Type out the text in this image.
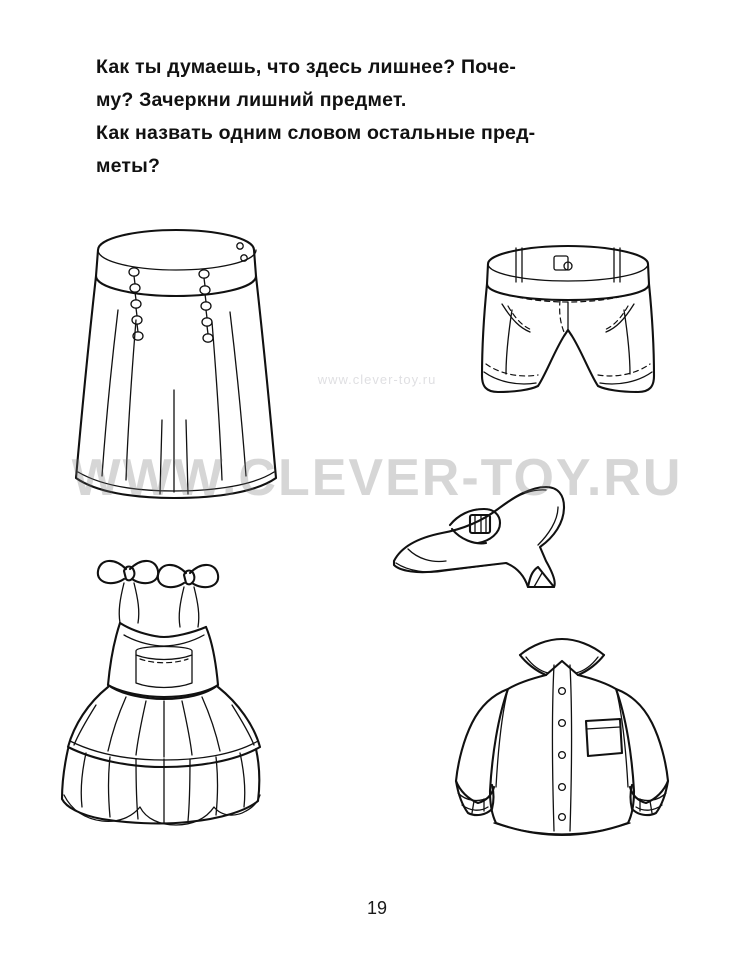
Как ты думаешь, что здесь лишнее? Поче-

му? Зачеркни лишний предмет.

Как назвать одним словом остальные пред-

меты?

www.clever-toy.ru
WWW.CLEVER-TOY.RU
19
